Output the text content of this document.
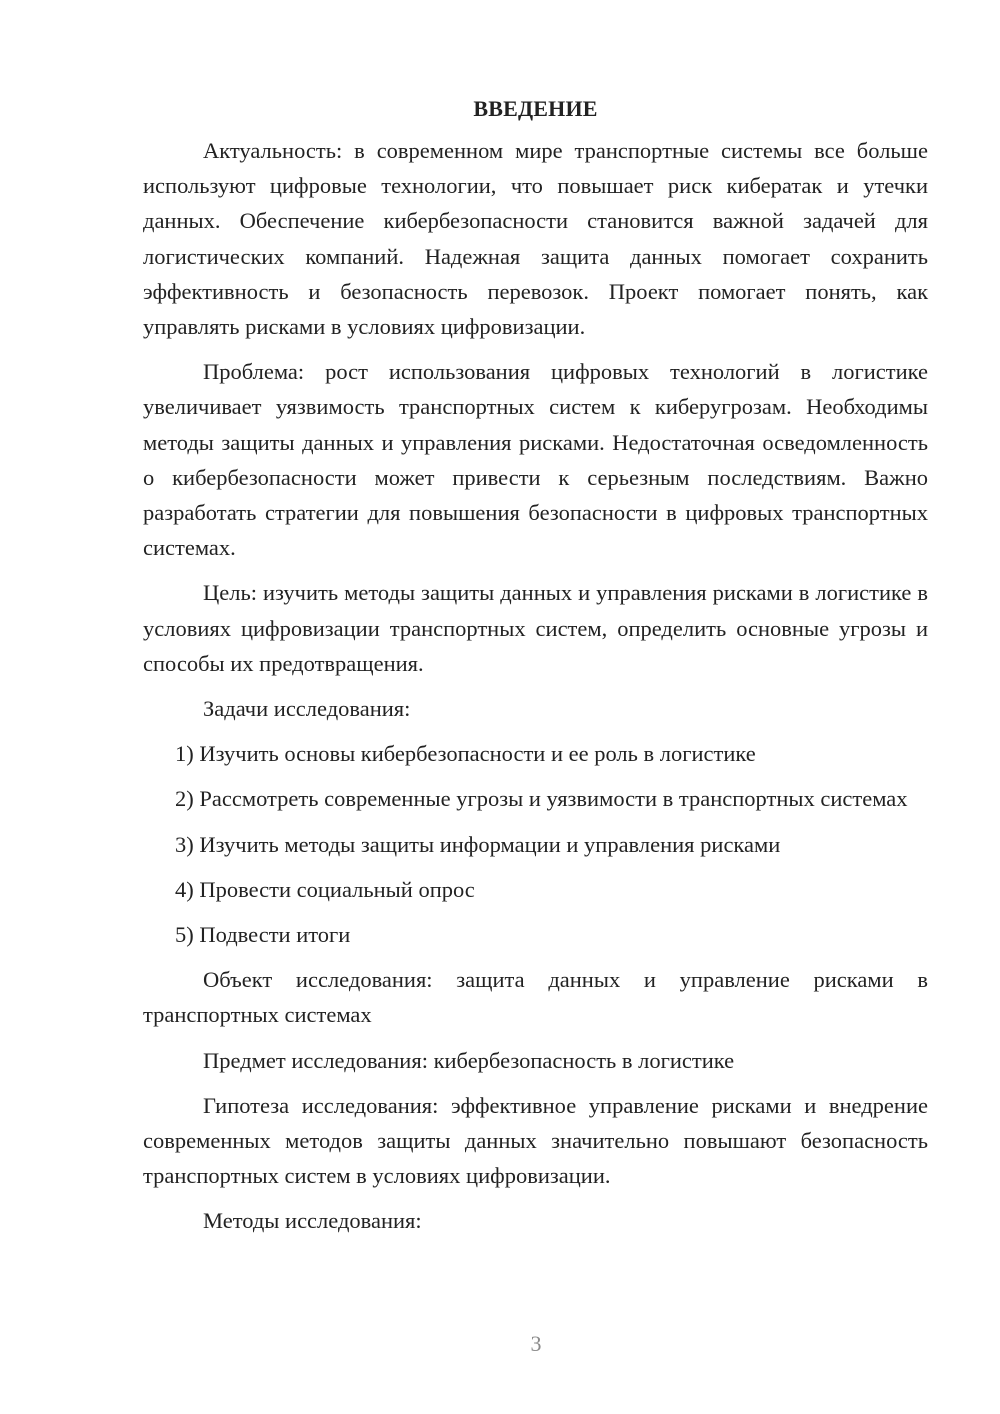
ВВЕДЕНИЕ

Актуальность: в современном мире транспортные системы все больше используют цифровые технологии, что повышает риск кибератак и утечки данных. Обеспечение кибербезопасности становится важной задачей для логистических компаний. Надежная защита данных помогает сохранить эффективность и безопасность перевозок. Проект помогает понять, как управлять рисками в условиях цифровизации.

Проблема: рост использования цифровых технологий в логистике увеличивает уязвимость транспортных систем к киберугрозам. Необходимы методы защиты данных и управления рисками. Недостаточная осведомленность о кибербезопасности может привести к серьезным последствиям. Важно разработать стратегии для повышения безопасности в цифровых транспортных системах.

Цель: изучить методы защиты данных и управления рисками в логистике в условиях цифровизации транспортных систем, определить основные угрозы и способы их предотвращения.

Задачи исследования:

1) Изучить основы кибербезопасности и ее роль в логистике

2) Рассмотреть современные угрозы и уязвимости в транспортных системах

3) Изучить методы защиты информации и управления рисками

4) Провести социальный опрос

5) Подвести итоги

Объект исследования: защита данных и управление рисками в транспортных системах

Предмет исследования: кибербезопасность в логистике

Гипотеза исследования: эффективное управление рисками и внедрение современных методов защиты данных значительно повышают безопасность транспортных систем в условиях цифровизации.

Методы исследования:

3
